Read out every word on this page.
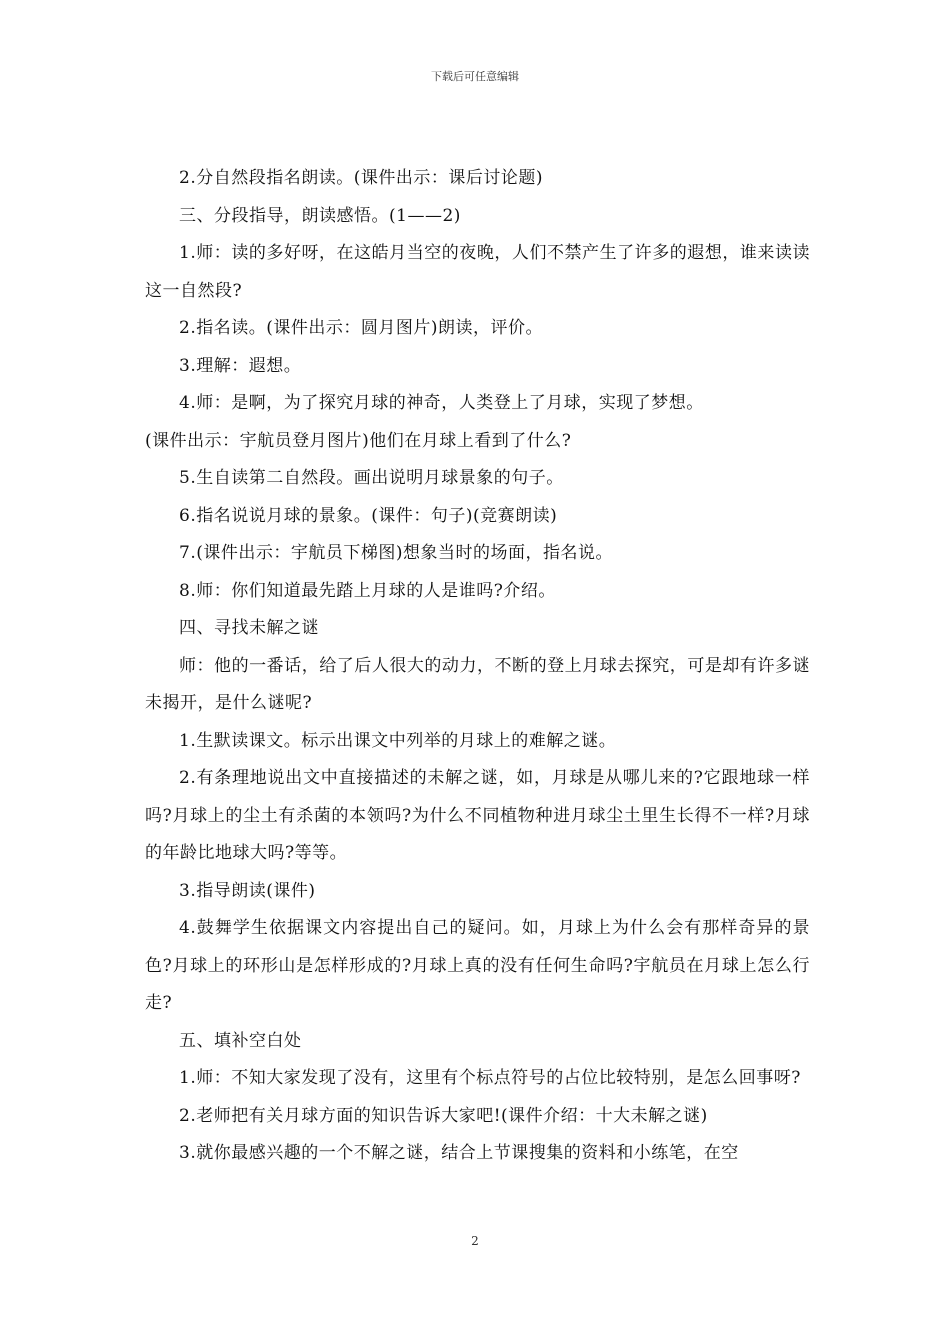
下载后可任意编辑

2.分自然段指名朗读。(课件出示：课后讨论题)

三、分段指导，朗读感悟。(1——2)

1.师：读的多好呀，在这皓月当空的夜晚，人们不禁产生了许多的遐想，谁来读读这一自然段?

2.指名读。(课件出示：圆月图片)朗读，评价。

3.理解：遐想。

4.师：是啊，为了探究月球的神奇，人类登上了月球，实现了梦想。

(课件出示：宇航员登月图片)他们在月球上看到了什么?

5.生自读第二自然段。画出说明月球景象的句子。

6.指名说说月球的景象。(课件：句子)(竞赛朗读)

7.(课件出示：宇航员下梯图)想象当时的场面，指名说。

8.师：你们知道最先踏上月球的人是谁吗?介绍。

四、寻找未解之谜

师：他的一番话，给了后人很大的动力，不断的登上月球去探究，可是却有许多谜未揭开，是什么谜呢?

1.生默读课文。标示出课文中列举的月球上的难解之谜。

2.有条理地说出文中直接描述的未解之谜，如，月球是从哪儿来的?它跟地球一样吗?月球上的尘土有杀菌的本领吗?为什么不同植物种进月球尘土里生长得不一样?月球的年龄比地球大吗?等等。

3.指导朗读(课件)

4.鼓舞学生依据课文内容提出自己的疑问。如，月球上为什么会有那样奇异的景色?月球上的环形山是怎样形成的?月球上真的没有任何生命吗?宇航员在月球上怎么行走?

五、填补空白处

1.师：不知大家发现了没有，这里有个标点符号的占位比较特别，是怎么回事呀?

2.老师把有关月球方面的知识告诉大家吧!(课件介绍：十大未解之谜)

3.就你最感兴趣的一个不解之谜，结合上节课搜集的资料和小练笔，在空

2
